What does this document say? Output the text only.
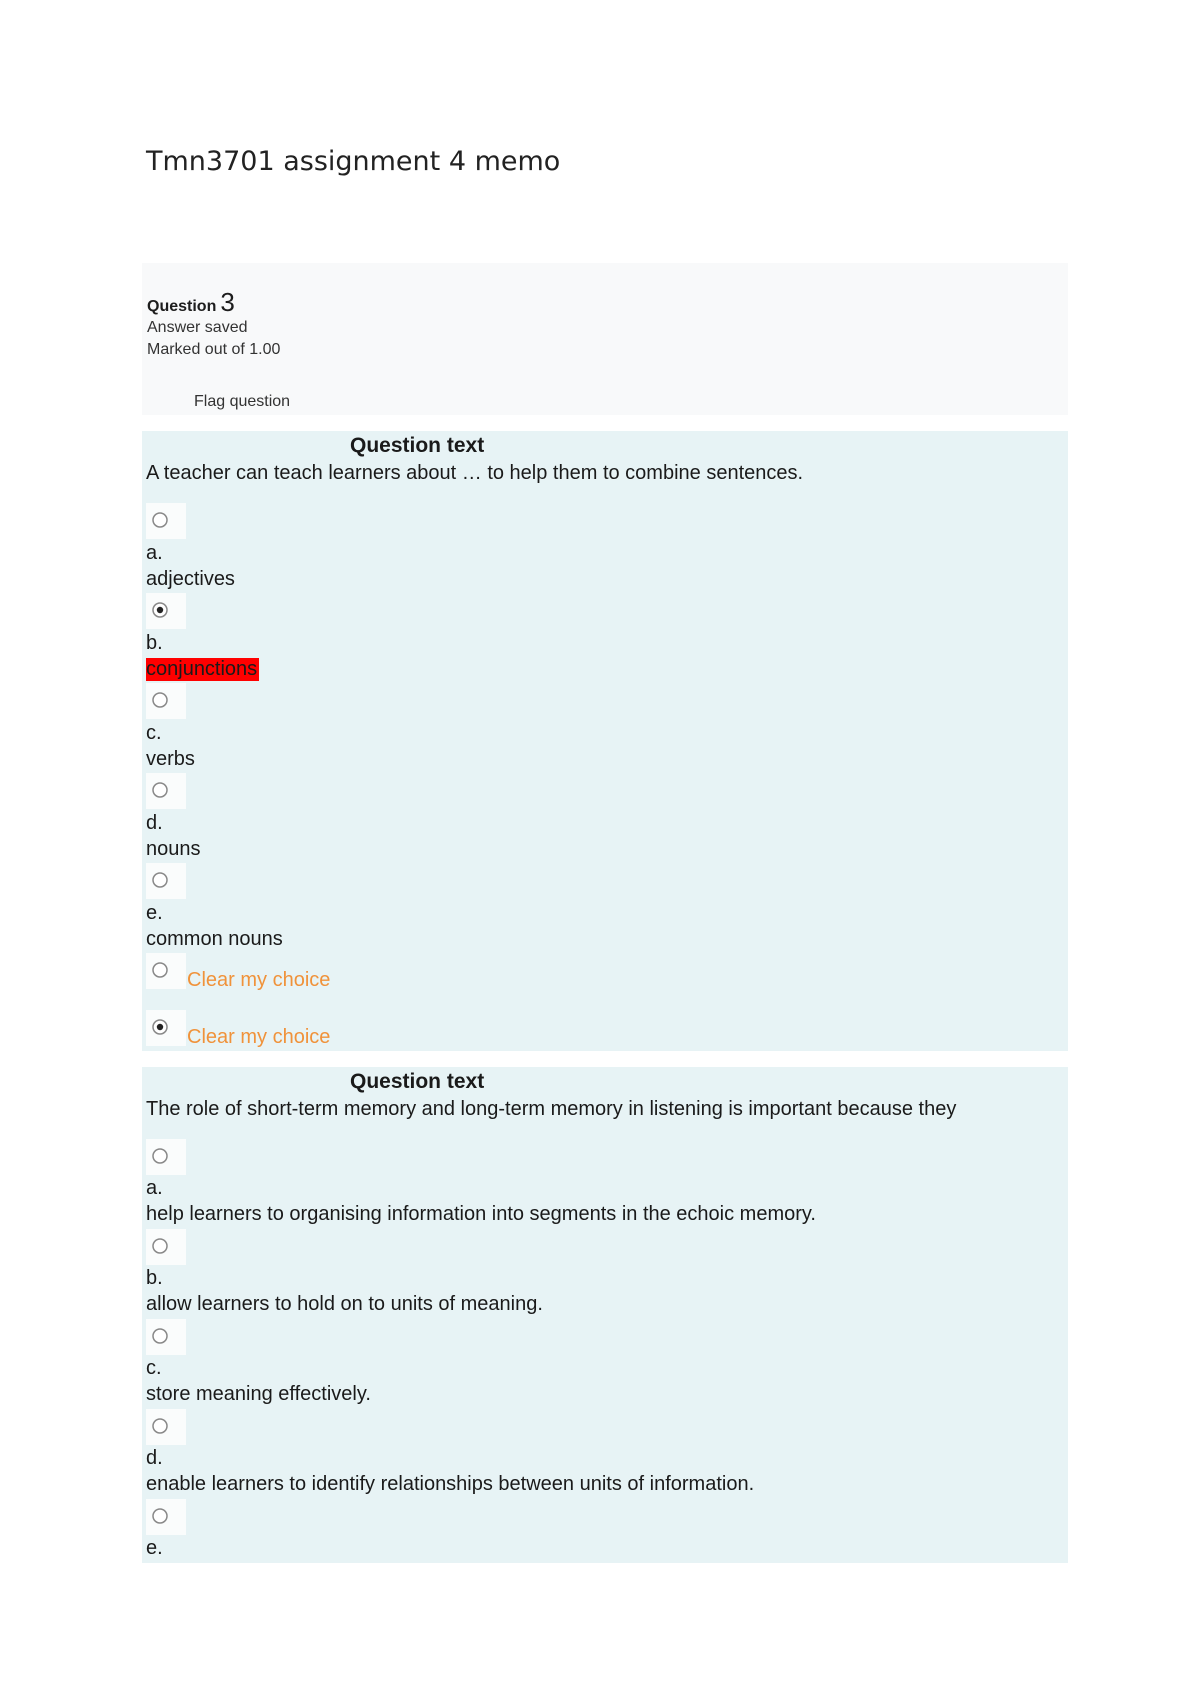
Tmn3701 assignment 4 memo
Question 3
Answer saved
Marked out of 1.00
Flag question
Question text
A teacher can teach learners about … to help them to combine sentences.
a.
adjectives
b.
conjunctions
c.
verbs
d.
nouns
e.
common nouns
Clear my choice
Clear my choice
Question text
The role of short-term memory and long-term memory in listening is important because they
a.
help learners to organising information into segments in the echoic memory.
b.
allow learners to hold on to units of meaning.
c.
store meaning effectively.
d.
enable learners to identify relationships between units of information.
e.
